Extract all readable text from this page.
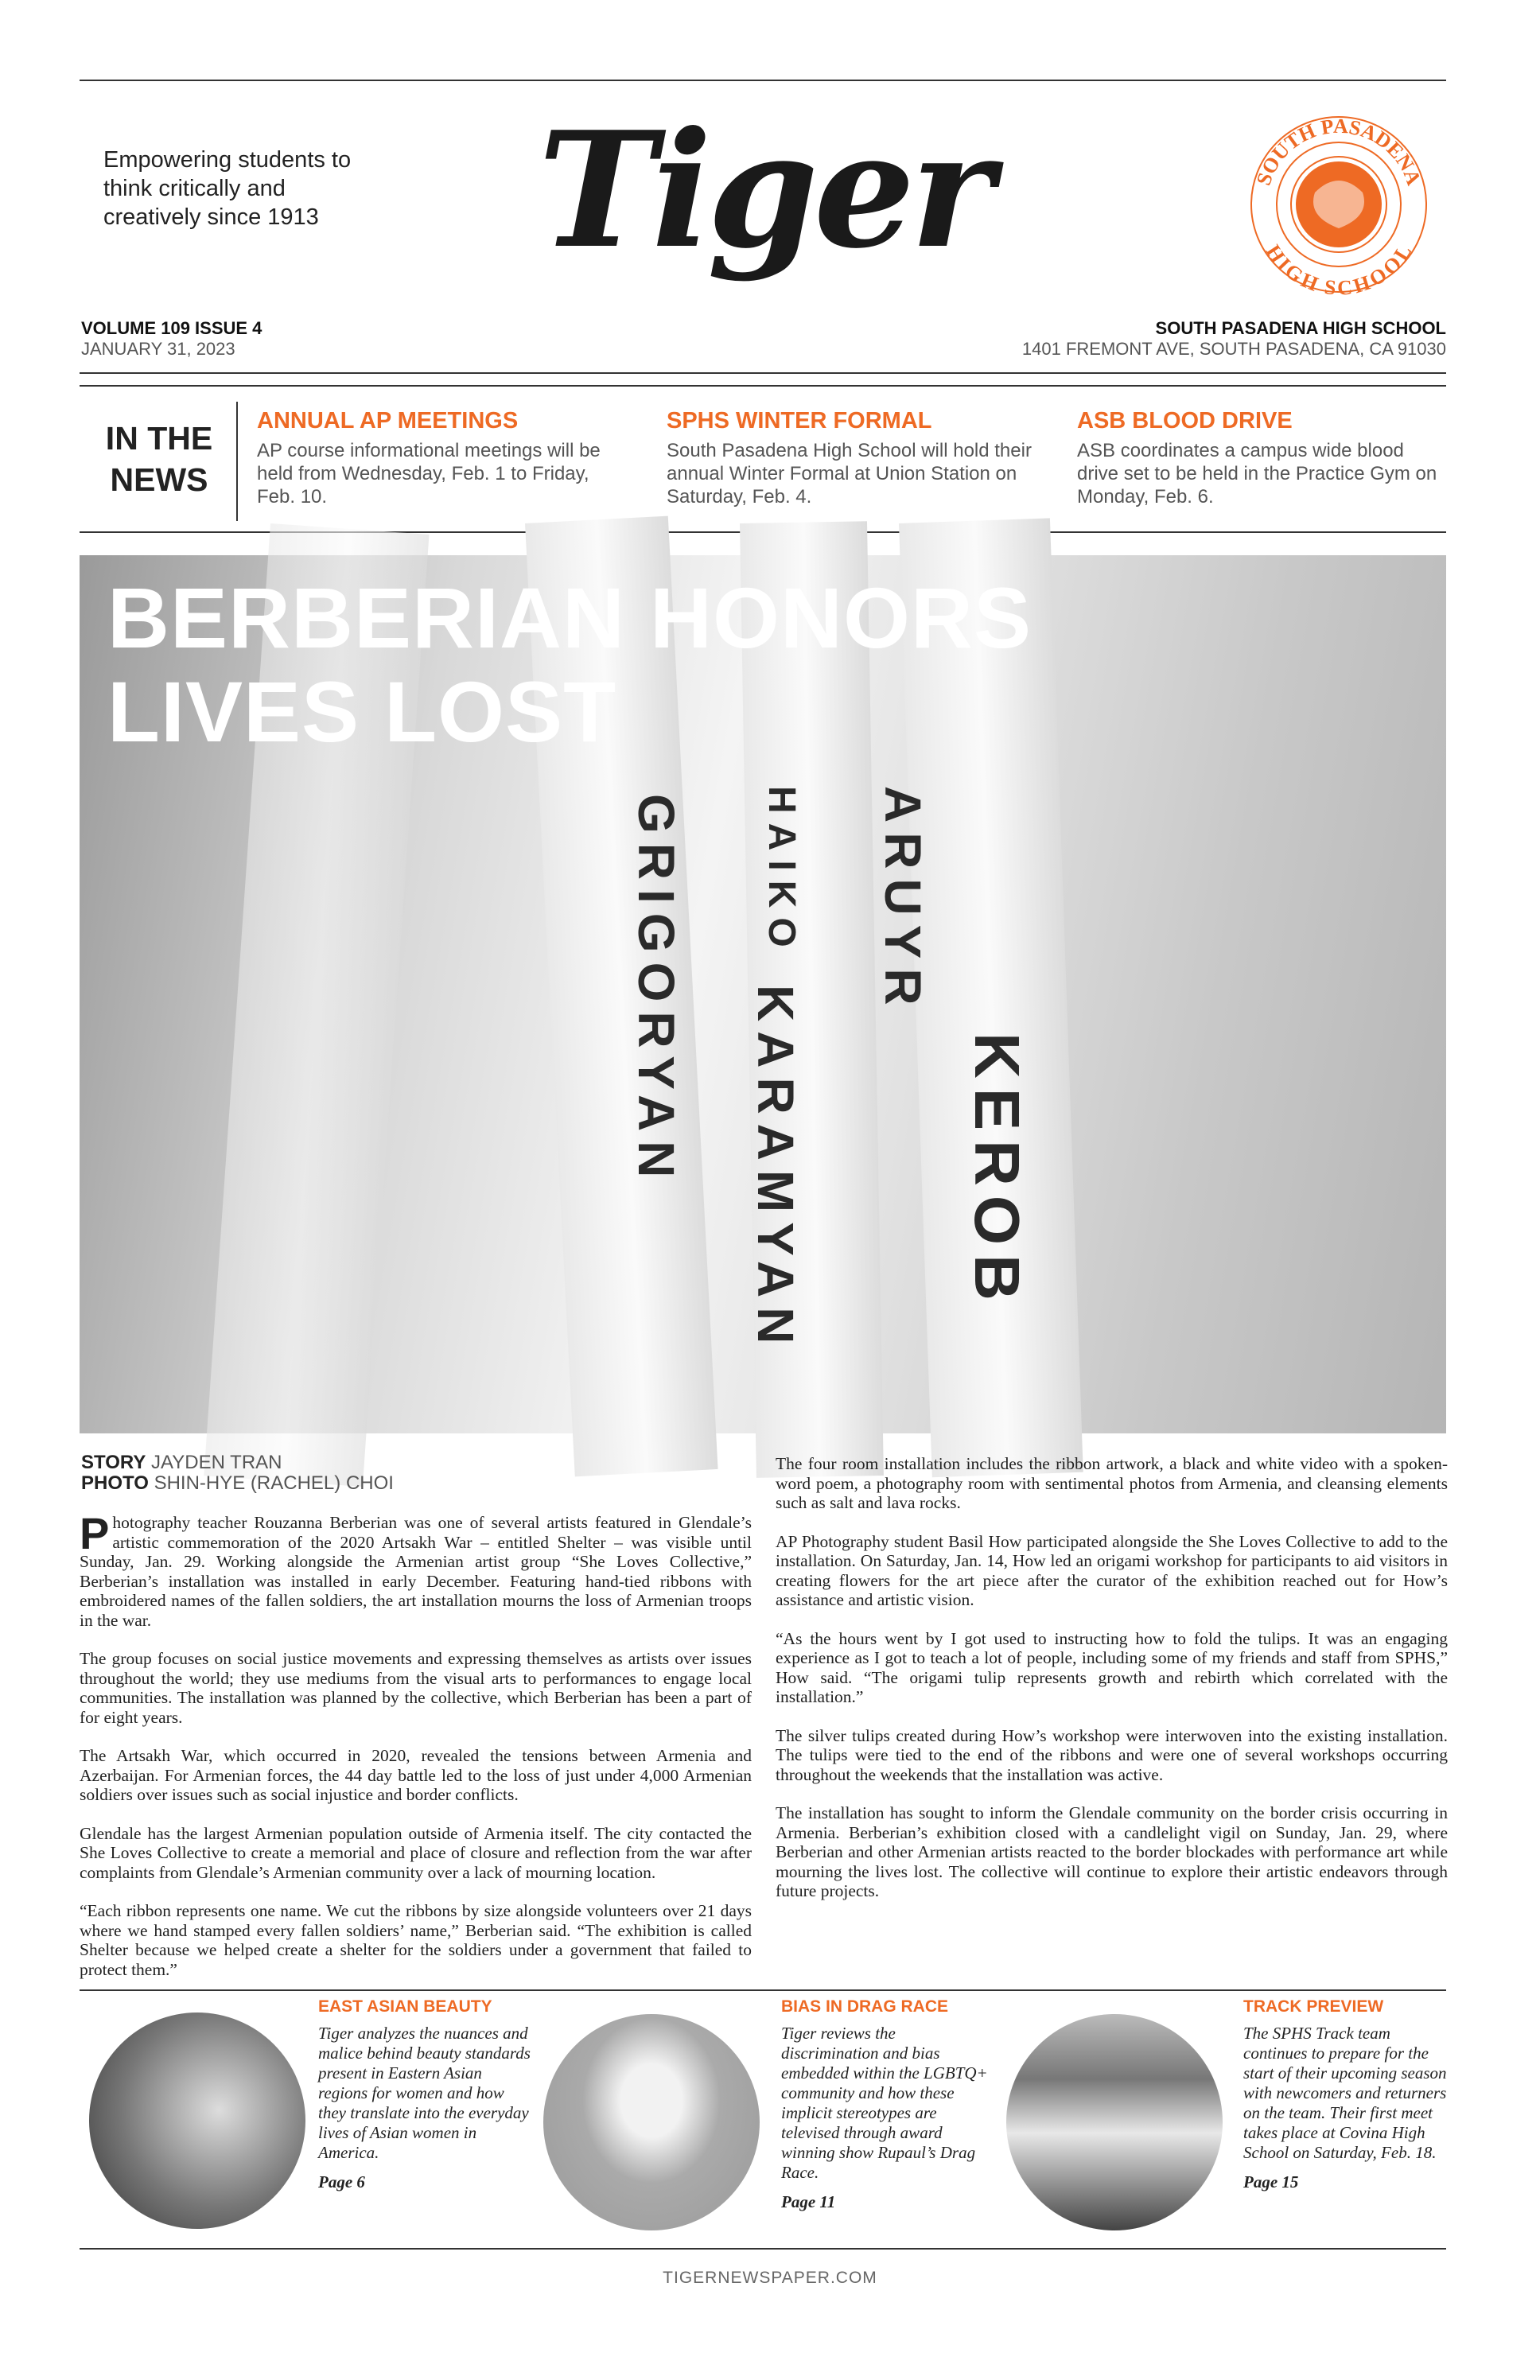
Empowering students to think critically and creatively since 1913 Tiger	SOUTH PASADENA
HIGH SCHOOL
VOLUME 109 ISSUE 4
JANUARY 31, 2023
SOUTH PASADENA HIGH SCHOOL
1401 FREMONT AVE, SOUTH PASADENA, CA 91030
IN THE
NEWS
ANNUAL AP MEETINGS

AP course informational meetings will be held from Wednesday, Feb. 1 to Friday, Feb. 10.

SPHS WINTER FORMAL

South Pasadena High School will hold their annual Winter Formal at Union Station on Saturday, Feb. 4.

ASB BLOOD DRIVE

ASB coordinates a campus wide blood drive set to be held in the Practice Gym on Monday, Feb. 6.

GRIGORYAN KARAMYAN KEROB
ARUYR
HAIKO
BERBERIAN HONORS
LIVES LOST
STORY JAYDEN TRAN
PHOTO SHIN-HYE (RACHEL) CHOI

Photography teacher Rouzanna Berberian was one of several artists featured in Glendale’s artistic commemoration of the 2020 Artsakh War – entitled Shelter – was visible until Sunday, Jan. 29. Working alongside the Armenian artist group “She Loves Collective,” Berberian’s installation was installed in early December. Featuring hand-tied ribbons with embroidered names of the fallen soldiers, the art installation mourns the loss of Armenian troops in the war.

The group focuses on social justice movements and expressing themselves as artists over issues throughout the world; they use mediums from the visual arts to performances to engage local communities. The installation was planned by the collective, which Berberian has been a part of for eight years.

The Artsakh War, which occurred in 2020, revealed the tensions between Armenia and Azerbaijan. For Armenian forces, the 44 day battle led to the loss of just under 4,000 Armenian soldiers over issues such as social injustice and border conflicts.

Glendale has the largest Armenian population outside of Armenia itself. The city contacted the She Loves Collective to create a memorial and place of closure and reflection from the war after complaints from Glendale’s Armenian community over a lack of mourning location.

“Each ribbon represents one name. We cut the ribbons by size alongside volunteers over 21 days where we hand stamped every fallen soldiers’ name,” Berberian said. “The exhibition is called Shelter because we helped create a shelter for the soldiers under a government that failed to protect them.”

The four room installation includes the ribbon artwork, a black and white video with a spoken-word poem, a photography room with sentimental photos from Armenia, and cleansing elements such as salt and lava rocks.

AP Photography student Basil How participated alongside the She Loves Collective to add to the installation. On Saturday, Jan. 14, How led an origami workshop for participants to aid visitors in creating flowers for the art piece after the curator of the exhibition reached out for How’s assistance and artistic vision.

“As the hours went by I got used to instructing how to fold the tulips. It was an engaging experience as I got to teach a lot of people, including some of my friends and staff from SPHS,” How said. “The origami tulip represents growth and rebirth which correlated with the installation.”

The silver tulips created during How’s workshop were interwoven into the existing installation. The tulips were tied to the end of the ribbons and were one of several workshops occurring throughout the weekends that the installation was active.

The installation has sought to inform the Glendale community on the border crisis occurring in Armenia. Berberian’s exhibition closed with a candlelight vigil on Sunday, Jan. 29, where Berberian and other Armenian artists reacted to the border blockades with performance art while mourning the lives lost. The collective will continue to explore their artistic endeavors through future projects.

EAST ASIAN BEAUTY

Tiger analyzes the nuances and malice behind beauty standards present in Eastern Asian regions for women and how they translate into the everyday lives of Asian women in America.

Page 6

BIAS IN DRAG RACE

Tiger reviews the discrimination and bias embedded within the LGBTQ+ community and how these implicit stereotypes are televised through award winning show Rupaul’s Drag Race.

Page 11

TRACK PREVIEW

The SPHS Track team continues to prepare for the start of their upcoming season with newcomers and returners on the team. Their first meet takes place at Covina High School on Saturday, Feb. 18.

Page 15

TIGERNEWSPAPER.COM
